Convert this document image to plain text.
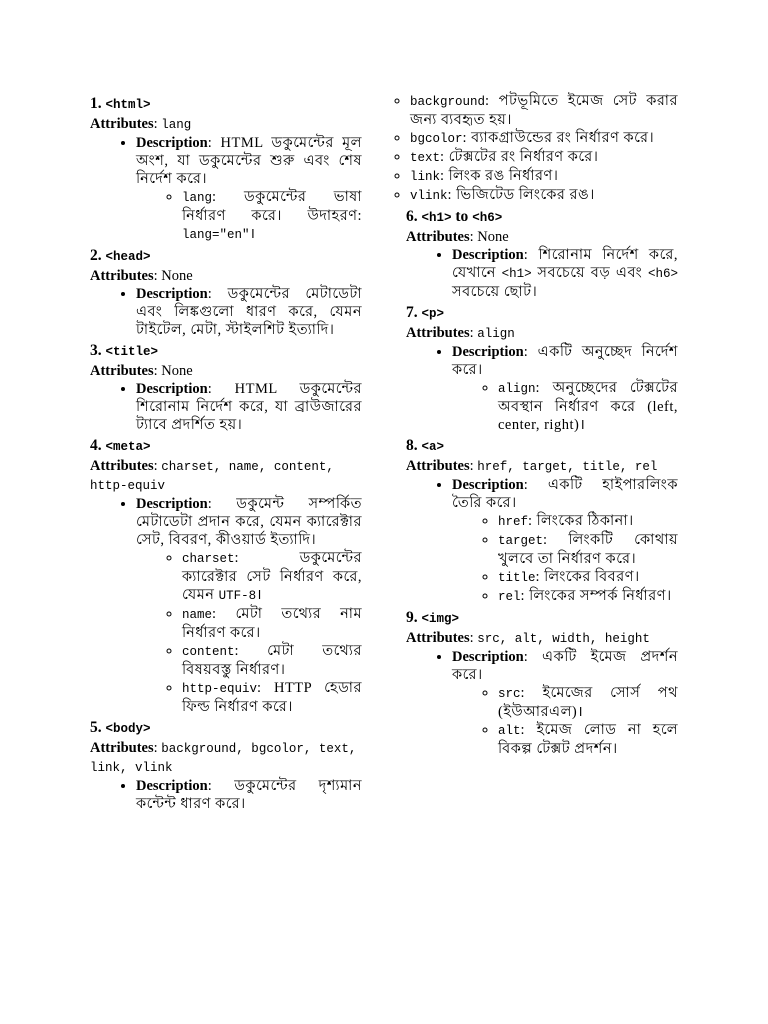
1. <html>
Attributes: lang
• Description: HTML ডকুমেন্টের মূল অংশ, যা ডকুমেন্টের শুরু এবং শেষ নির্দেশ করে।
◦ lang: ডকুমেন্টের ভাষা নির্ধারণ করে। উদাহরণ: lang="en"।
2. <head>
Attributes: None
• Description: ডকুমেন্টের মেটাডেটা এবং লিঙ্কগুলো ধারণ করে, যেমন টাইটেল, মেটা, স্টাইলশিট ইত্যাদি।
3. <title>
Attributes: None
• Description: HTML ডকুমেন্টের শিরোনাম নির্দেশ করে, যা ব্রাউজারের ট্যাবে প্রদর্শিত হয়।
4. <meta>
Attributes: charset, name, content, http-equiv
• Description: ডকুমেন্ট সম্পর্কিত মেটাডেটা প্রদান করে, যেমন ক্যারেক্টার সেট, বিবরণ, কীওয়ার্ড ইত্যাদি।
◦ charset: ডকুমেন্টের ক্যারেক্টার সেট নির্ধারণ করে, যেমন UTF-8।
◦ name: মেটা তথ্যের নাম নির্ধারণ করে।
◦ content: মেটা তথ্যের বিষয়বস্তু নির্ধারণ।
◦ http-equiv: HTTP হেডার ফিল্ড নির্ধারণ করে।
5. <body>
Attributes: background, bgcolor, text, link, vlink
• Description: ডকুমেন্টের দৃশ্যমান কন্টেন্ট ধারণ করে।
◦ background: পটভূমিতে ইমেজ সেট করার জন্য ব্যবহৃত হয়।
◦ bgcolor: ব্যাকগ্রাউন্ডের রং নির্ধারণ করে।
◦ text: টেক্সটের রং নির্ধারণ করে।
◦ link: লিংক রঙ নির্ধারণ।
◦ vlink: ভিজিটেড লিংকের রঙ।
6. <h1> to <h6>
Attributes: None
• Description: শিরোনাম নির্দেশ করে, যেখানে <h1> সবচেয়ে বড় এবং <h6> সবচেয়ে ছোট।
7. <p>
Attributes: align
• Description: একটি অনুচ্ছেদ নির্দেশ করে।
◦ align: অনুচ্ছেদের টেক্সটের অবস্থান নির্ধারণ করে (left, center, right)।
8. <a>
Attributes: href, target, title, rel
• Description: একটি হাইপারলিংক তৈরি করে।
◦ href: লিংকের ঠিকানা।
◦ target: লিংকটি কোথায় খুলবে তা নির্ধারণ করে।
◦ title: লিংকের বিবরণ।
◦ rel: লিংকের সম্পর্ক নির্ধারণ।
9. <img>
Attributes: src, alt, width, height
• Description: একটি ইমেজ প্রদর্শন করে।
◦ src: ইমেজের সোর্স পথ (ইউআরএল)।
◦ alt: ইমেজ লোড না হলে বিকল্প টেক্সট প্রদর্শন।
